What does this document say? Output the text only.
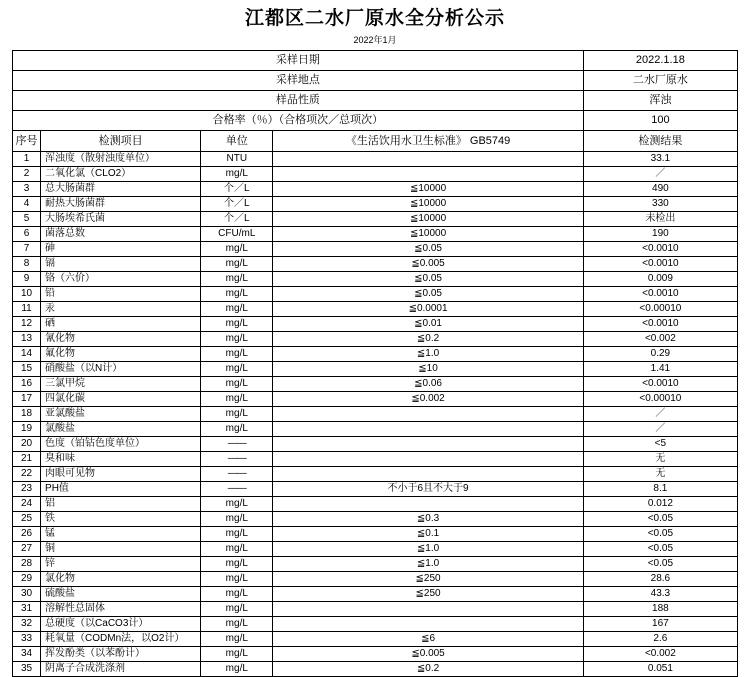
江都区二水厂原水全分析公示
2022年1月
采样日期				2022.1.18
采样地点				二水厂原水
样品性质				浑浊
合格率（％）（合格项次／总项次）				100
序号	检测项目	单位	《生活饮用水卫生标准》 GB5749	检测结果
1	浑浊度（散射浊度单位）	NTU		33.1
2	二氧化氯（CLO2）	mg/L		／
3	总大肠菌群	个／L	≦10000	490
4	耐热大肠菌群	个／L	≦10000	330
5	大肠埃希氏菌	个／L	≦10000	未检出
6	菌落总数	CFU/mL	≦10000	190
7	砷	mg/L	≦0.05	<0.0010
8	镉	mg/L	≦0.005	<0.0010
9	铬（六价）	mg/L	≦0.05	0.009
10	铅	mg/L	≦0.05	<0.0010
11	汞	mg/L	≦0.0001	<0.00010
12	硒	mg/L	≦0.01	<0.0010
13	氰化物	mg/L	≦0.2	<0.002
14	氟化物	mg/L	≦1.0	0.29
15	硝酸盐（以N计）	mg/L	≦10	1.41
16	三氯甲烷	mg/L	≦0.06	<0.0010
17	四氯化碳	mg/L	≦0.002	<0.00010
18	亚氯酸盐	mg/L		／
19	氯酸盐	mg/L		／
20	色度（铂钴色度单位）	——		<5
21	臭和味	——		无
22	肉眼可见物	——		无
23	PH值	——	不小于6且不大于9	8.1
24	铝	mg/L		0.012
25	铁	mg/L	≦0.3	<0.05
26	锰	mg/L	≦0.1	<0.05
27	铜	mg/L	≦1.0	<0.05
28	锌	mg/L	≦1.0	<0.05
29	氯化物	mg/L	≦250	28.6
30	硫酸盐	mg/L	≦250	43.3
31	溶解性总固体	mg/L		188
32	总硬度（以CaCO3计）	mg/L		167
33	耗氧量（CODMn法，以O2计）	mg/L	≦6	2.6
34	挥发酚类（以苯酚计）	mg/L	≦0.005	<0.002
35	阴离子合成洗涤剂	mg/L	≦0.2	0.051
